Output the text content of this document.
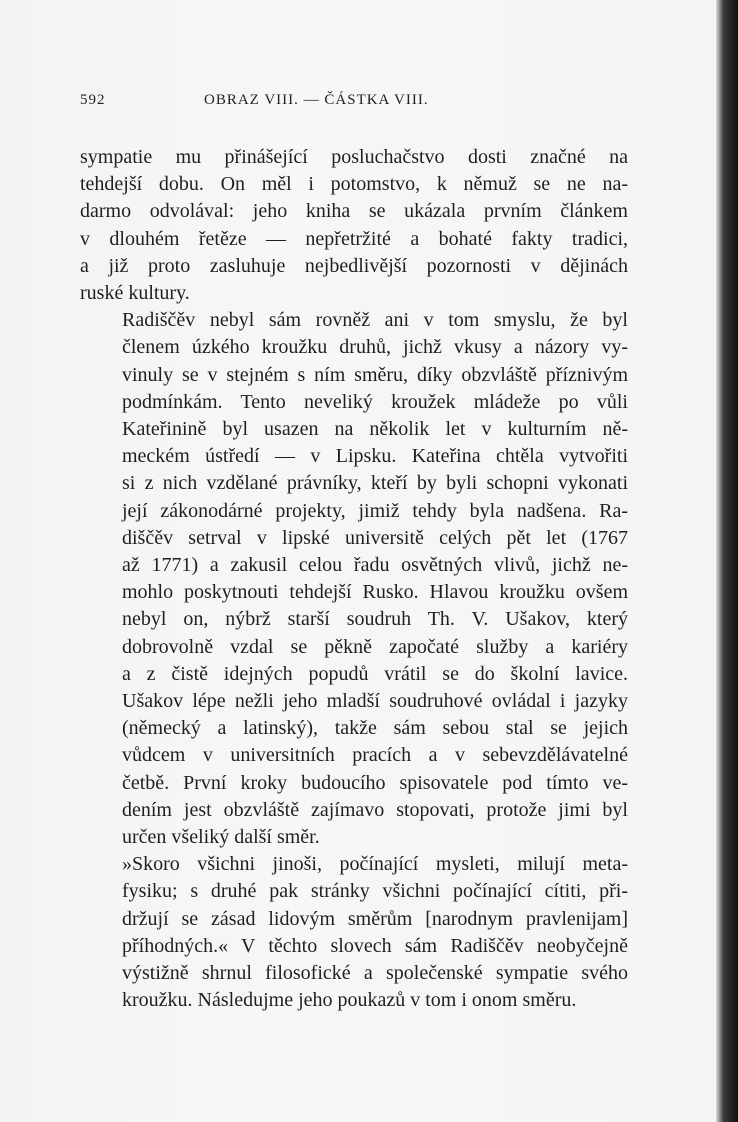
592	OBRAZ VIII. — ČÁSTKA VIII.

sympatie mu přinášející posluchačstvo dosti značné na
tehdejší dobu. On měl i potomstvo, k němuž se ne na-
darmo odvolával: jeho kniha se ukázala prvním článkem
v dlouhém řetěze — nepřetržité a bohaté fakty tradici,
a již proto zasluhuje nejbedlivější pozornosti v dějinách
ruské kultury.

Radiščěv nebyl sám rovněž ani v tom smyslu, že byl
členem úzkého kroužku druhů, jichž vkusy a názory vy-
vinuly se v stejném s ním směru, díky obzvláště příznivým
podmínkám. Tento neveliký kroužek mládeže po vůli
Kateřinině byl usazen na několik let v kulturním ně-
meckém ústředí — v Lipsku. Kateřina chtěla vytvořiti
si z nich vzdělané právníky, kteří by byli schopni vykonati
její zákonodárné projekty, jimiž tehdy byla nadšena. Ra-
diščěv setrval v lipské universitě celých pět let (1767
až 1771) a zakusil celou řadu osvětných vlivů, jichž ne-
mohlo poskytnouti tehdejší Rusko. Hlavou kroužku ovšem
nebyl on, nýbrž starší soudruh Th. V. Ušakov, který
dobrovolně vzdal se pěkně započaté služby a kariéry
a z čistě idejných popudů vrátil se do školní lavice.
Ušakov lépe nežli jeho mladší soudruhové ovládal i jazyky
(německý a latinský), takže sám sebou stal se jejich
vůdcem v universitních pracích a v sebevzdělávatelné
četbě. První kroky budoucího spisovatele pod tímto ve-
dením jest obzvláště zajímavo stopovati, protože jimi byl
určen všeliký další směr.

»Skoro všichni jinoši, počínající mysleti, milují meta-
fysiku; s druhé pak stránky všichni počínající cítiti, při-
držují se zásad lidovým směrům [narodnym pravlenijam]
příhodných.« V těchto slovech sám Radiščěv neobyčejně
výstižně shrnul filosofické a společenské sympatie svého
kroužku. Následujme jeho poukazů v tom i onom směru.
